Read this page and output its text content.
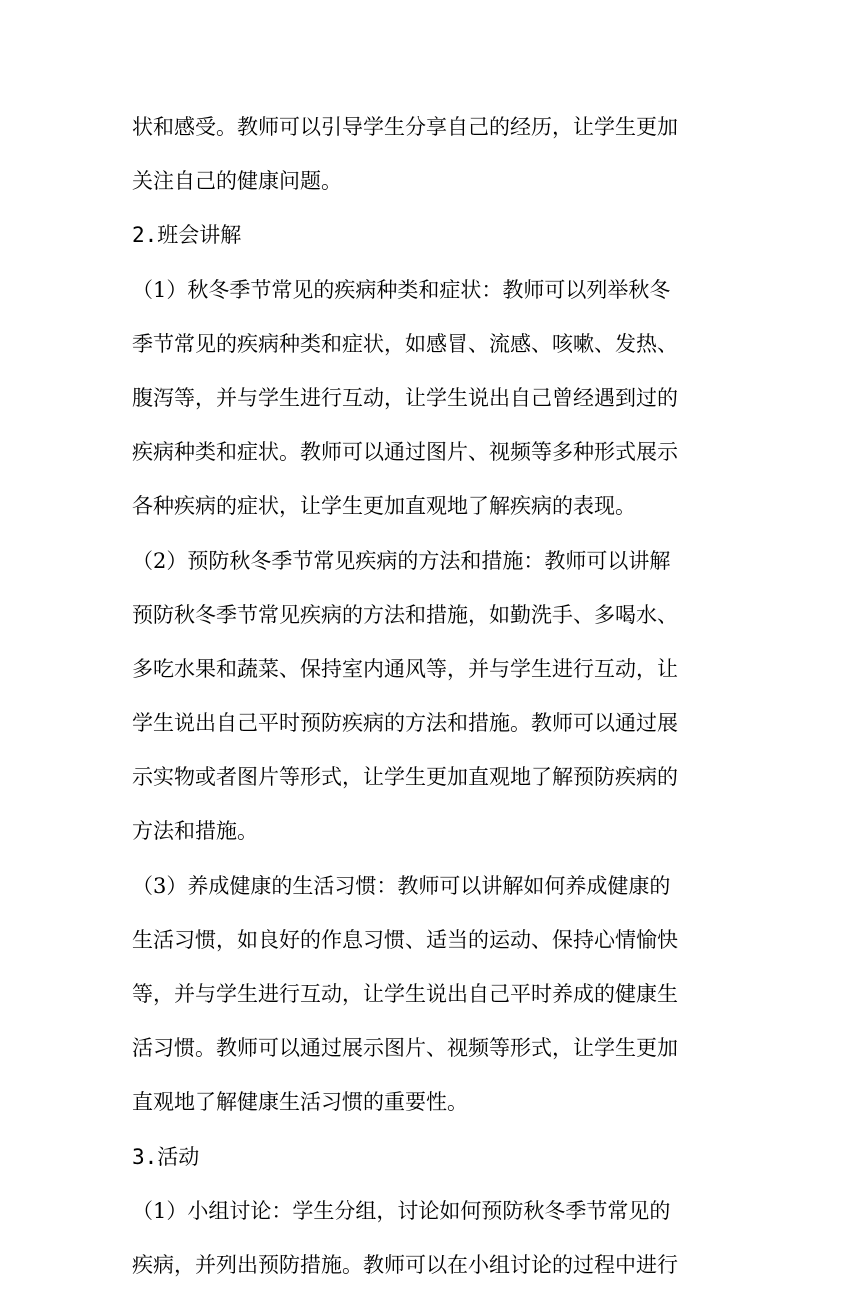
状和感受。教师可以引导学生分享自己的经历，让学生更加
关注自己的健康问题。
2.班会讲解
（1）秋冬季节常见的疾病种类和症状：教师可以列举秋冬
季节常见的疾病种类和症状，如感冒、流感、咳嗽、发热、
腹泻等，并与学生进行互动，让学生说出自己曾经遇到过的
疾病种类和症状。教师可以通过图片、视频等多种形式展示
各种疾病的症状，让学生更加直观地了解疾病的表现。
（2）预防秋冬季节常见疾病的方法和措施：教师可以讲解
预防秋冬季节常见疾病的方法和措施，如勤洗手、多喝水、
多吃水果和蔬菜、保持室内通风等，并与学生进行互动，让
学生说出自己平时预防疾病的方法和措施。教师可以通过展
示实物或者图片等形式，让学生更加直观地了解预防疾病的
方法和措施。
（3）养成健康的生活习惯：教师可以讲解如何养成健康的
生活习惯，如良好的作息习惯、适当的运动、保持心情愉快
等，并与学生进行互动，让学生说出自己平时养成的健康生
活习惯。教师可以通过展示图片、视频等形式，让学生更加
直观地了解健康生活习惯的重要性。
3.活动
（1）小组讨论：学生分组，讨论如何预防秋冬季节常见的
疾病，并列出预防措施。教师可以在小组讨论的过程中进行
